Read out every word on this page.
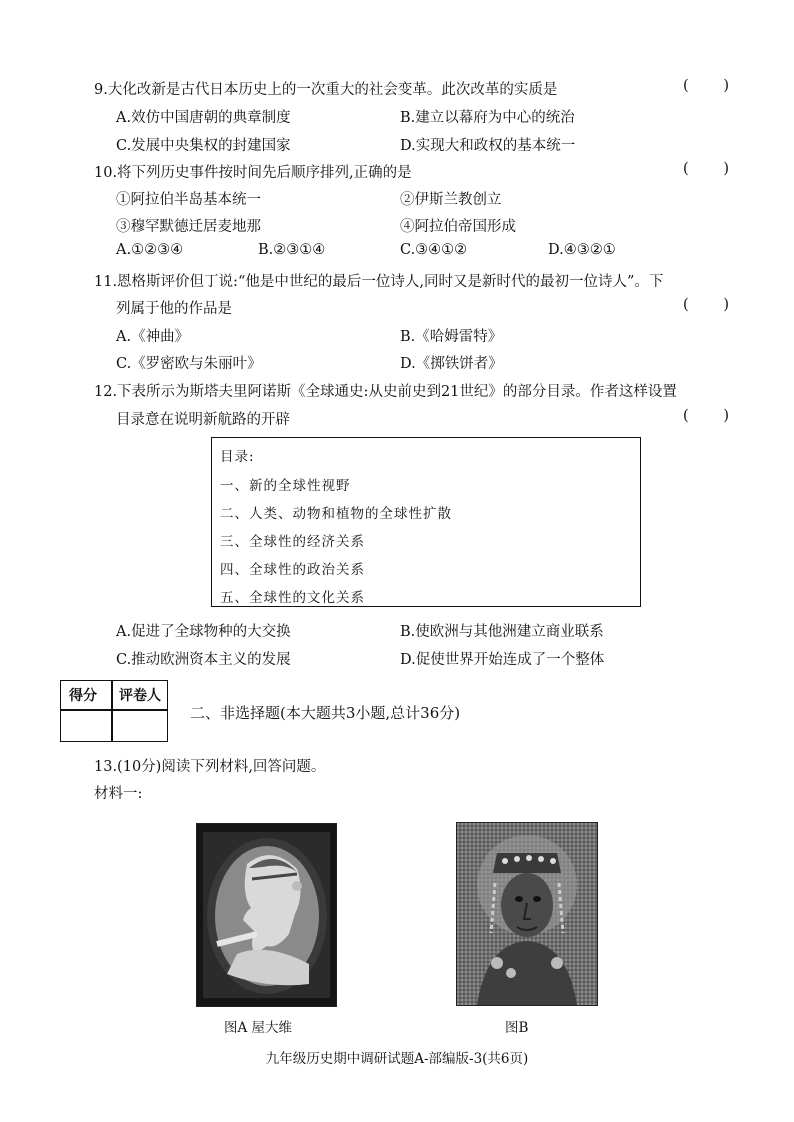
9.大化改新是古代日本历史上的一次重大的社会变革。此次改革的实质是	( )
A.效仿中国唐朝的典章制度	B.建立以幕府为中心的统治
C.发展中央集权的封建国家	D.实现大和政权的基本统一
10.将下列历史事件按时间先后顺序排列,正确的是	( )
①阿拉伯半岛基本统一	②伊斯兰教创立
③穆罕默德迁居麦地那	④阿拉伯帝国形成
A.①②③④	B.②③①④	C.③④①②	D.④③②①
11.恩格斯评价但丁说:“他是中世纪的最后一位诗人,同时又是新时代的最初一位诗人”。下
列属于他的作品是	( )
A.《神曲》	B.《哈姆雷特》
C.《罗密欧与朱丽叶》	D.《掷铁饼者》
12.下表所示为斯塔夫里阿诺斯《全球通史:从史前史到21世纪》的部分目录。作者这样设置
目录意在说明新航路的开辟	( )
目录:
一、新的全球性视野
二、人类、动物和植物的全球性扩散
三、全球性的经济关系
四、全球性的政治关系
五、全球性的文化关系
A.促进了全球物种的大交换	B.使欧洲与其他洲建立商业联系
C.推动欧洲资本主义的发展	D.促使世界开始连成了一个整体
得分 评卷人
二、非选择题(本大题共3小题,总计36分)
13.(10分)阅读下列材料,回答问题。
材料一:
图A 屋大维	图B
九年级历史期中调研试题A-部编版-3(共6页)
